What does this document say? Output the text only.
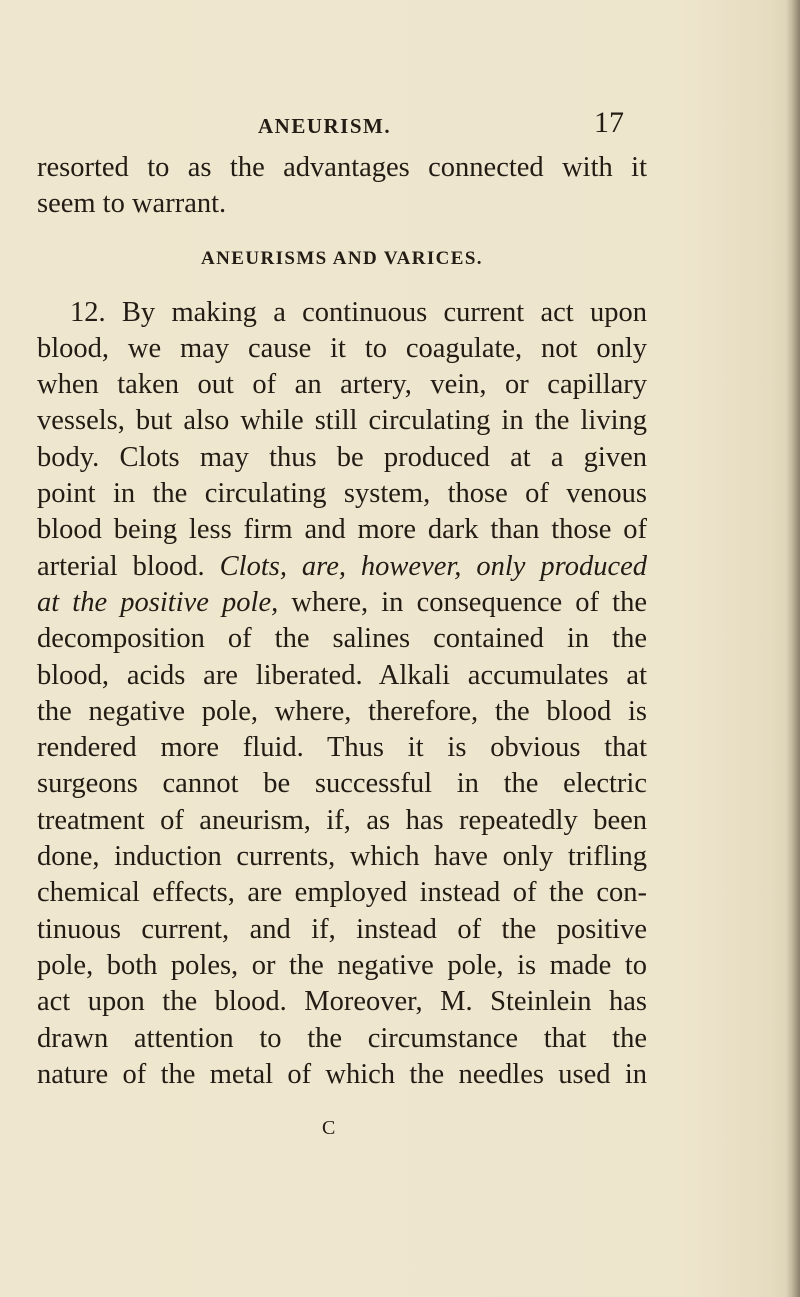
ANEURISM.	17
resorted to as the advantages connected with it
seem to warrant.
ANEURISMS AND VARICES.
12. By making a continuous current act upon
blood, we may cause it to coagulate, not only
when taken out of an artery, vein, or capillary
vessels, but also while still circulating in the living
body. Clots may thus be produced at a given
point in the circulating system, those of venous
blood being less firm and more dark than those of
arterial blood. Clots, are, however, only produced
at the positive pole, where, in consequence of the
decomposition of the salines contained in the
blood, acids are liberated. Alkali accumulates at
the negative pole, where, therefore, the blood is
rendered more fluid. Thus it is obvious that
surgeons cannot be successful in the electric
treatment of aneurism, if, as has repeatedly been
done, induction currents, which have only trifling
chemical effects, are employed instead of the con-
tinuous current, and if, instead of the positive
pole, both poles, or the negative pole, is made to
act upon the blood. Moreover, M. Steinlein has
drawn attention to the circumstance that the
nature of the metal of which the needles used in
C
